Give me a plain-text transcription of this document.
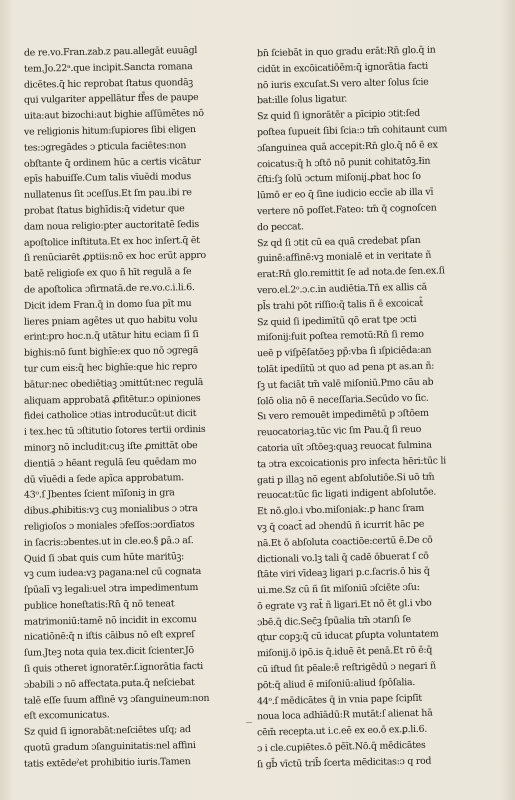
de re.vo.Fran.zab.z pau.allegāt euuāgl
tem.Jo.22ᵃ.que incipit.Sancta romana
dicētes.q̄ hic reprobat ſtatus quondāꝫ
qui vulgariter appellātur ff̄es de paupe
uita:aut bizochi:aut bighie aſſūmētes nō
ve religionis hitum:ſupiores ſibi eligen
tes:ɔgregādes ɔ ꝑticula faciētes:non
obſtante q̄ ordinem hūc a certis vicātur
epīs habuiſſe.Cum talis vīuēdi modus
nullatenus ſit ɔceſſus.Et ſm pau.ibi re
probat ſtatus bighīdis:q̄ videtur que
dam noua religio:pter auctoritatē ſedis
apoſtolice inſtituta.Et ex hoc inſert.q̄ ēt
ſi renūciarēt ꝓptiis:nō ex hoc erūt appro
batē religioſe ex quo ñ hīt regulā a ſe
de apoſtolica ɔfirmatā.de re.vo.c.i.li.6.
Dicit idem Fran.q̄ in domo ſua pīt mu
lieres pniam agētes ut quo habitu volu
erint:pro hoc.n.q̄ utātur hitu eciam ſi ſi
bighis:nō ſunt bighīe:ex quo nō ɔgregā
tur cum eis:q̄ hec bighīe:que hic repro
bātur:nec obediētiaꝫ ɔmittūt:nec regulā
aliquam approbatā ꝓfitētur.ɔ opiniones
fidei catholice ɔtias introducūt:ut dicit
i tex.hec tū ɔſtitutio ſotores tertii ordinis
minorꝫ nō includit:cuꝫ iſte ꝓmittāt obe
dientiā ɔ hēant regulā ſeu quēdam mo
dū vīuēdi a ſede apīca approbatum.
43ᵒ.ſ Jbentes ſcient mīſoniꝫ in gra
dibus.ꝓhibitis:vꝫ cuꝫ monialibus ɔ ɔtra
religioſos ɔ moniales ɔfeſſos:ɔordīatos
in ſacris:ɔbentes.ut in cle.eo.§ ꝑā.ɔ aſ.
Quid ſi ɔbat quis cum hūte maritūꝫ:
vꝫ cum iudea:vꝫ pagana:nel cū cognata
ſpūalī vꝫ legali:uel ɔtra impedimentum
publice honeſtatis:Rn̄ q̄ nō teneat
matrimoniū:tamē nō incidit in excomu
nicatiōnē:q̄ n iſtis cāibus nō eſt expreſ
ſum.Jteꝫ nota quia tex.dicit ſcienter.Jō
ſi quis ɔtheret ignoratēr.ſ.ignorātia facti
ɔbabili ɔ nō affectata.puta.q̄ neſciebat
talē eſſe ſuum affinē vꝫ ɔſanguineum:non
eſt excomunicatus.
Sz quid ſi ignorabāt:neſciētes uſq; ad
quotū gradum ɔſanguinitatis:nel affini
tatis extēdeˀet prohibitio iuris.Tamen
bn̄ ſciebāt in quo gradu erāt:Rn̄ glo.q̄ in
cidūt in excōicatiōēm:q̄ ignorātia facti
nō iuris excuſat.Sı vero alter ſolus ſcie
bat:ille ſolus ligatur.
Sz quid ſi ignorātēr a pīcipio ɔtit:ſed
poſtea ſupueit ſibi ſcia:ɔ tm̄ cohitaunt cum
ɔſanguinea quā accepit:Rn̄ glo.q̄ nō ē ex
coicatus:q̄ h ɔſtō nō punit cohitatōꝫ.Ɨin
c̄ſti:ſꝫ ſolū ɔctum miſonij.ꝓbat hoc ſo
lūmō er eo q̄ ſine iudicio eccīe ab illa vī
vertere nō poſſet.Fateo: tm̄ q̄ cognoſcen
do peccat.
Sz qd ſi ɔtit cū ea quā credebat pſan
guinē:affinē:vꝫ monialē et in veritate ñ
erat:Rn̄ glo.remittit ſe ad nota.de ſen.ex.ſi
vero.el.2ᵒ.ɔ.c.in audiētia.Tn̄ ex allis cā
pl̄s trahi pōt riſſio:q̄ talis ñ ē excoicat̄
Sz quid ſi ipedimītū qō erat tpe ɔcti
miſonij:fuit poſtea remotū:Rn̄ ſi remo
ueē p viſpēſatōeꝫ pp̄:vba ſi ıſpiciēda:an
tolāt ipediītū ɔt quo ad pena pt as.an ñ:
ſꝫ ut faciāt tm̄ valē miſoniū.Pmo cāu ab
ſolō olia nō ē neceſſaria.Secūdo vo ſic.
Sı vero remouēt impedimētū p ɔſtōem
reuocatoriaꝫ.tūc vic ſm Pau.q̄ ſi reuo
catoria uīt ɔſtōeꝫ:quaꝫ reuocat fulmina
ta ɔtra excoicationis pro infecta hēri:tūc li
gati p illaꝫ nō egent abſolutiōe.Si uō tm̄
reuocat:tūc ſic ligati indigent abſolutōe.
Et nō.glo.i vbo.miſoniak:.p hanc ſram
vꝫ q̄ coact̄ ad ɔhendū ñ icurrit hāc pe
nā.Et ō abſoluta coactiōe:certū ē.De cō
dictionali vo.lꝫ tali q̄ cadē ōbuerat ſ cō
ſtāte viri vīdeaꝫ ligari p.c.ſacris.ō his q̄
ui.me.Sz cū ñ ſit miſoniū ɔſciēte ɔſu:
ō egrate vꝫ rat̄ ñ ligari.Et nō ēt gl.i vbo
ɔbē.q̄ dic.Sec̄ꝫ ſpūalia tm̄ ɔtarıſı ſe
ɋtur copꝫ:q̄ cū iducat ꝑſupta voluntatem
miſonij.ō ipō.is q̄.iduē ēt penā.Et rō ē:q̄
cū iſtud ſıt pēale:ē reſtrigēdū ɔ negari ñ
pōt:q̄ aliud ē miſoniū:aliud ſpōſalia.
44ᵒ.ſ mēdicātes q̄ in vnia pape ſcipſīt
noua loca adhīādū:R mutāt:ſ alienat hā
cēm̄ recepta.ut i.c.eē ex eo.ō ex.ꝑ.li.6.
ɔ i cle.cupiētes.ō pēīt.Nō.q̄ mēdicātes
ſı gb̄ vīctū trib̄ ſcerta mēdicitas:ɔ q rod
